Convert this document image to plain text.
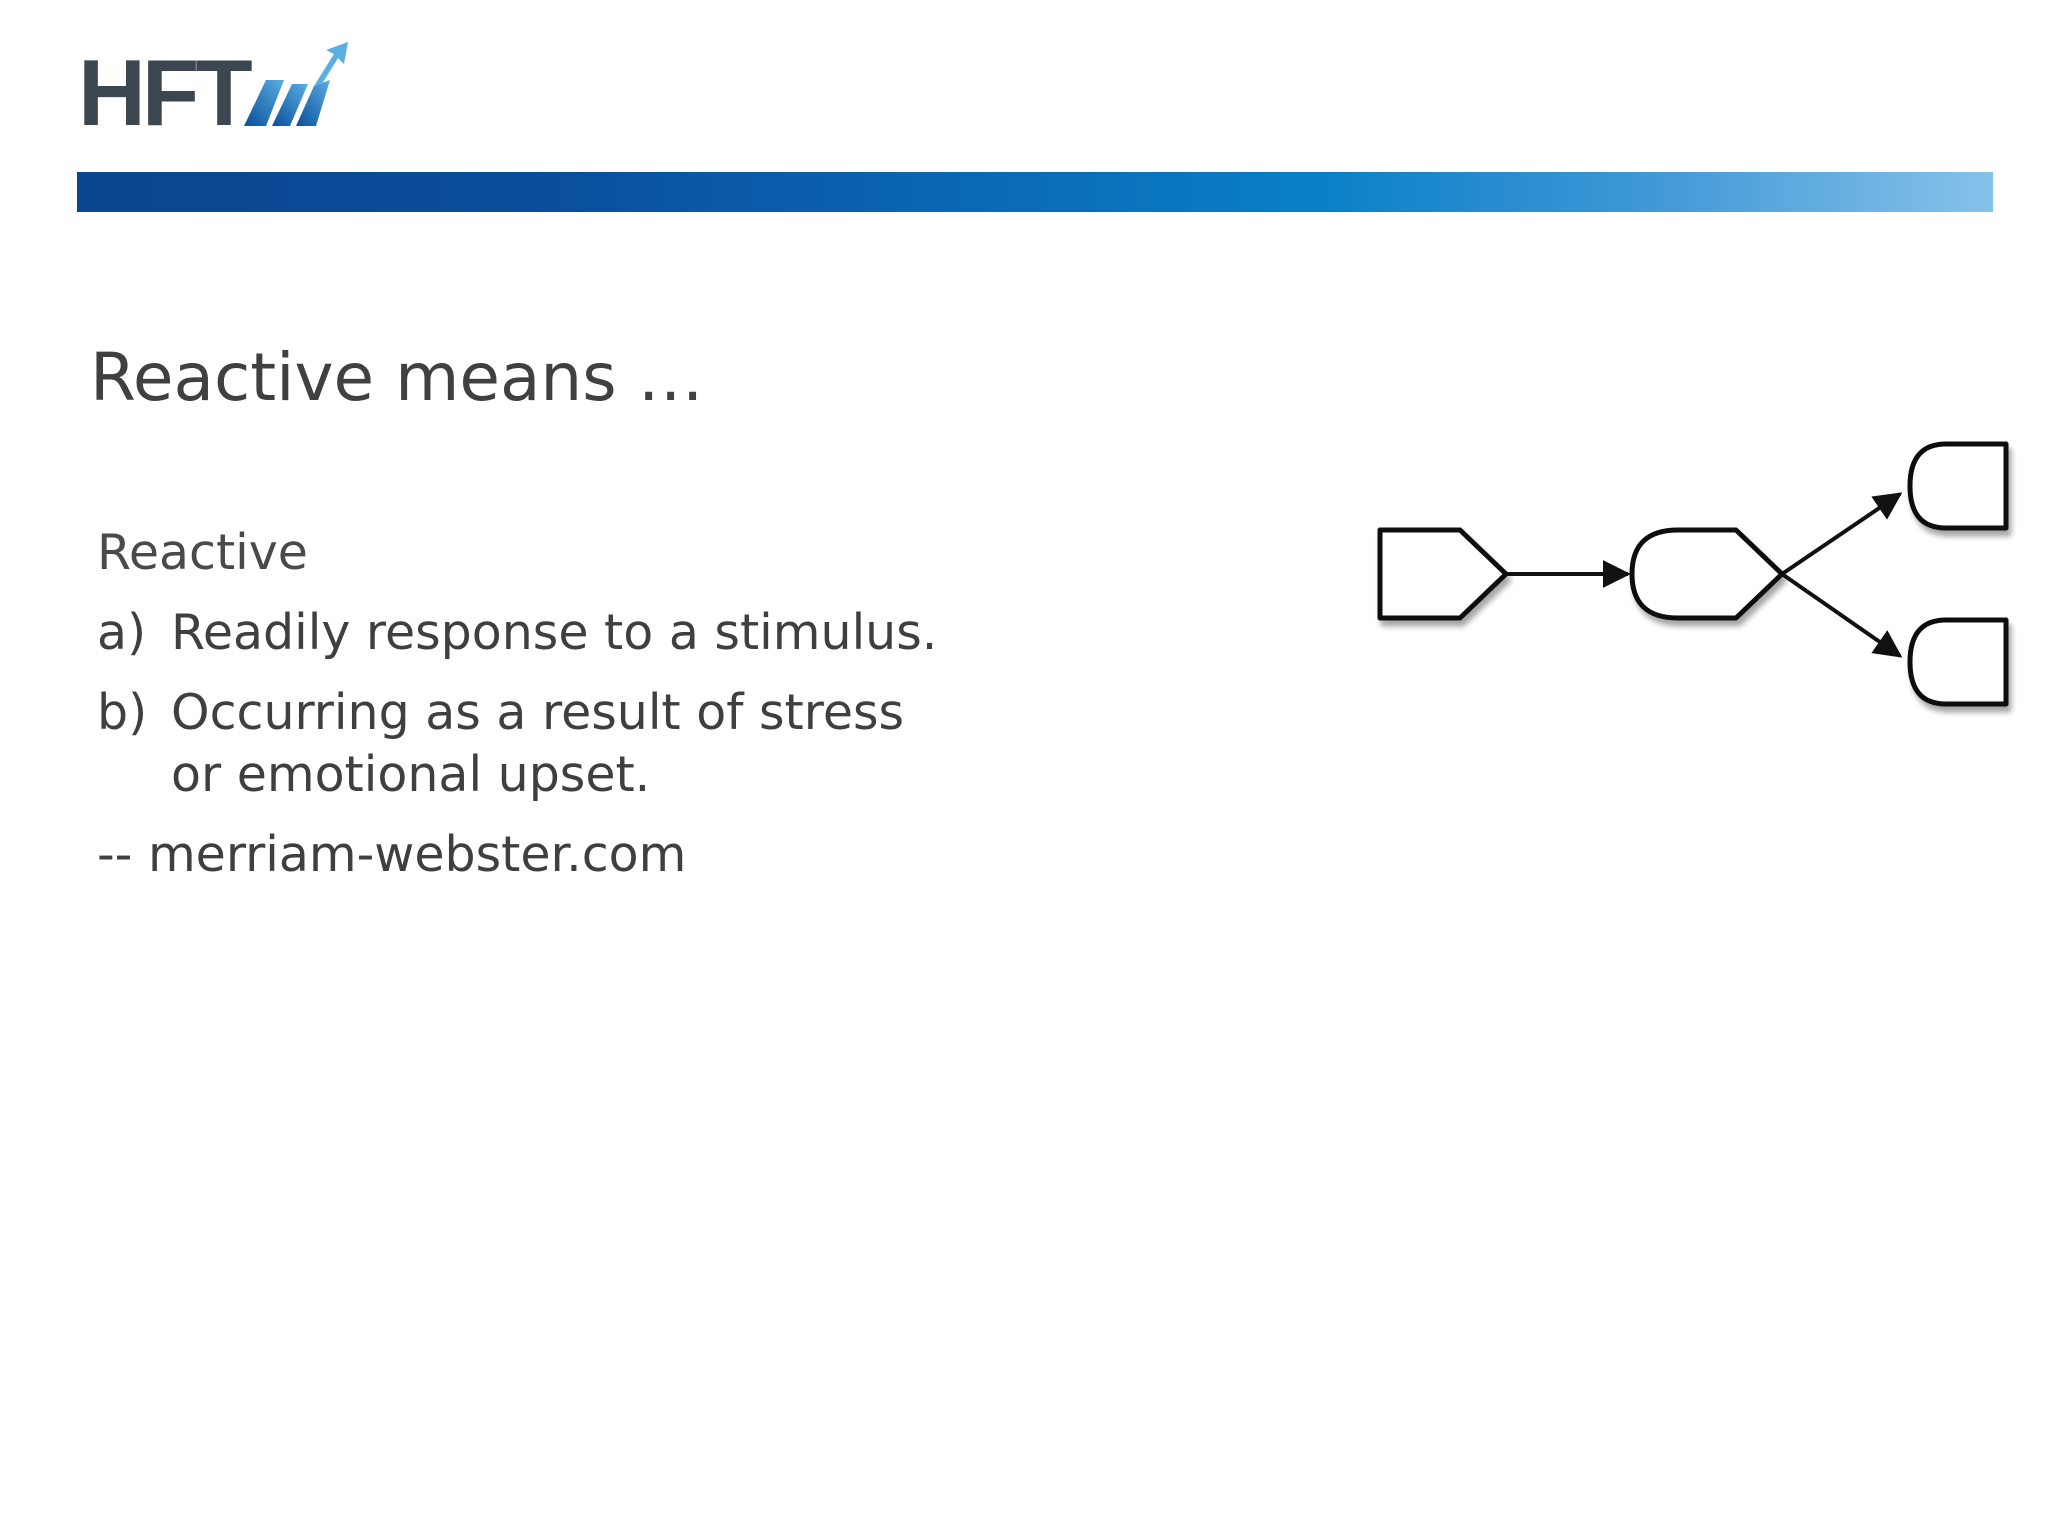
HFT
Reactive means …
Reactive
a) Readily response to a stimulus.
b) Occurring as a result of stress
or emotional upset.
-- merriam-webster.com
